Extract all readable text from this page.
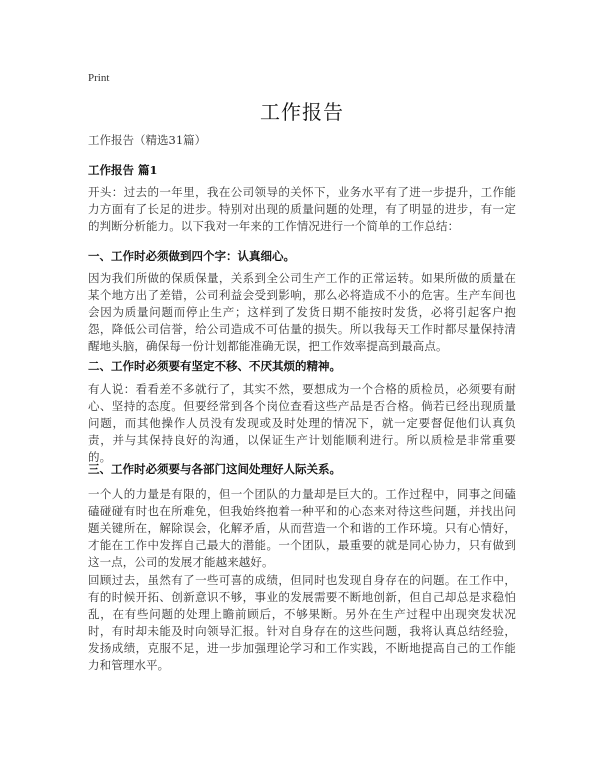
Print
工作报告
工作报告（精选31篇）
工作报告 篇1
开头：过去的一年里，我在公司领导的关怀下，业务水平有了进一步提升，工作能力方面有了长足的进步。特别对出现的质量问题的处理，有了明显的进步，有一定的判断分析能力。以下我对一年来的工作情况进行一个简单的工作总结：
一、工作时必须做到四个字：认真细心。
因为我们所做的保质保量，关系到全公司生产工作的正常运转。如果所做的质量在某个地方出了差错，公司利益会受到影响，那么必将造成不小的危害。生产车间也会因为质量问题而停止生产；这样到了发货日期不能按时发货，必将引起客户抱怨，降低公司信誉，给公司造成不可估量的损失。所以我每天工作时都尽量保持清醒地头脑，确保每一份计划都能准确无误，把工作效率提高到最高点。
二、工作时必须要有坚定不移、不厌其烦的精神。
有人说：看看差不多就行了，其实不然，要想成为一个合格的质检员，必须要有耐心、坚持的态度。但要经常到各个岗位查看这些产品是否合格。倘若已经出现质量问题，而其他操作人员没有发现或及时处理的情况下，就一定要督促他们认真负责，并与其保持良好的沟通，以保证生产计划能顺利进行。所以质检是非常重要的。
三、工作时必须要与各部门这间处理好人际关系。
一个人的力量是有限的，但一个团队的力量却是巨大的。工作过程中，同事之间磕磕碰碰有时也在所难免，但我始终抱着一种平和的心态来对待这些问题，并找出问题关键所在，解除误会，化解矛盾，从而营造一个和谐的工作环境。只有心情好，才能在工作中发挥自己最大的潜能。一个团队，最重要的就是同心协力，只有做到这一点，公司的发展才能越来越好。
回顾过去，虽然有了一些可喜的成绩，但同时也发现自身存在的问题。在工作中，有的时候开拓、创新意识不够，事业的发展需要不断地创新，但自己却总是求稳怕乱，在有些问题的处理上瞻前顾后，不够果断。另外在生产过程中出现突发状况时，有时却未能及时向领导汇报。针对自身存在的这些问题，我将认真总结经验，发扬成绩，克服不足，进一步加强理论学习和工作实践，不断地提高自己的工作能力和管理水平。
